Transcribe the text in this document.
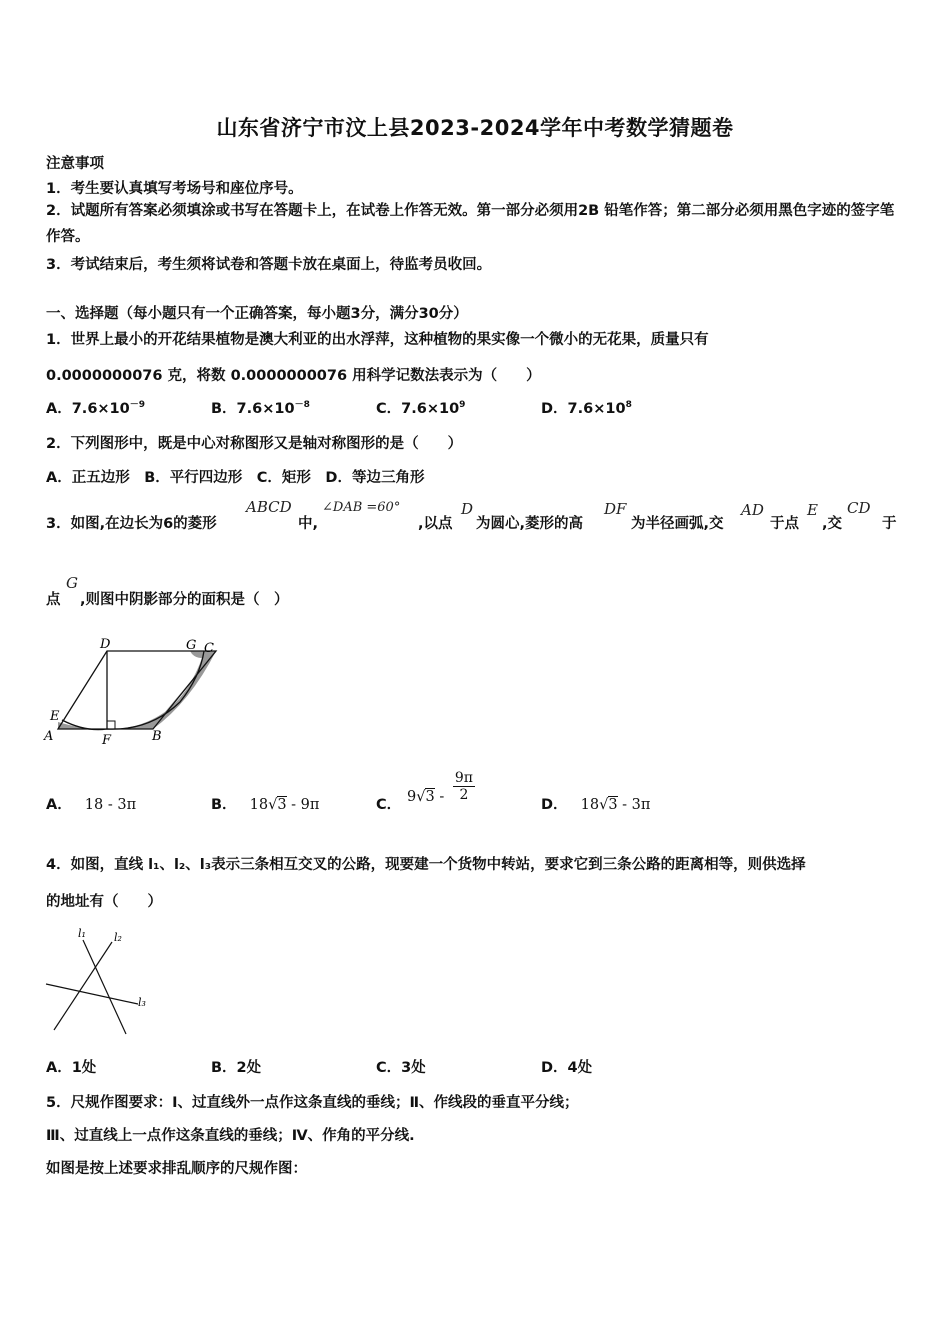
山东省济宁市汶上县2023-2024学年中考数学猜题卷
注意事项
1．考生要认真填写考场号和座位序号。
2．试题所有答案必须填涂或书写在答题卡上，在试卷上作答无效。第一部分必须用2B 铅笔作答；第二部分必须用黑色字迹的签字笔作答。
3．考试结束后，考生须将试卷和答题卡放在桌面上，待监考员收回。
一、选择题（每小题只有一个正确答案，每小题3分，满分30分）
1．世界上最小的开花结果植物是澳大利亚的出水浮萍，这种植物的果实像一个微小的无花果，质量只有
0.0000000076 克，将数 0.0000000076 用科学记数法表示为（　　）
A．$7.6\times 10^{-9}$	B．$7.6\times 10^{-8}$	C．$7.6\times 10^9$	D．$7.6\times 10^8$
2．下列图形中，既是中心对称图形又是轴对称图形的是（　　）
A．正五边形　B．平行四边形　C．矩形　D．等边三角形
3．如图,在边长为6的菱形
ABCD
中,
∠DAB =60°
,以点
D
为圆心,菱形的高
DF
为半径画弧,交
AD
于点
E
,交
CD
于
点
G
,则图中阴影部分的面积是（　）
D	G C
E
A	F	B
A． 18 - 3π	B． 18√3 - 9π	C．
$9√3 - \frac{9\pi}{2}$
D． 18√3 - 3π
4．如图，直线 l₁、l₂、l₃表示三条相互交叉的公路，现要建一个货物中转站，要求它到三条公路的距离相等，则供选择
的地址有（　　）
l₁	l₂
l₃
A．1处	B．2处	C．3处	D．4处
5．尺规作图要求：Ⅰ、过直线外一点作这条直线的垂线；Ⅱ、作线段的垂直平分线；
Ⅲ、过直线上一点作这条直线的垂线；Ⅳ、作角的平分线.
如图是按上述要求排乱顺序的尺规作图：
